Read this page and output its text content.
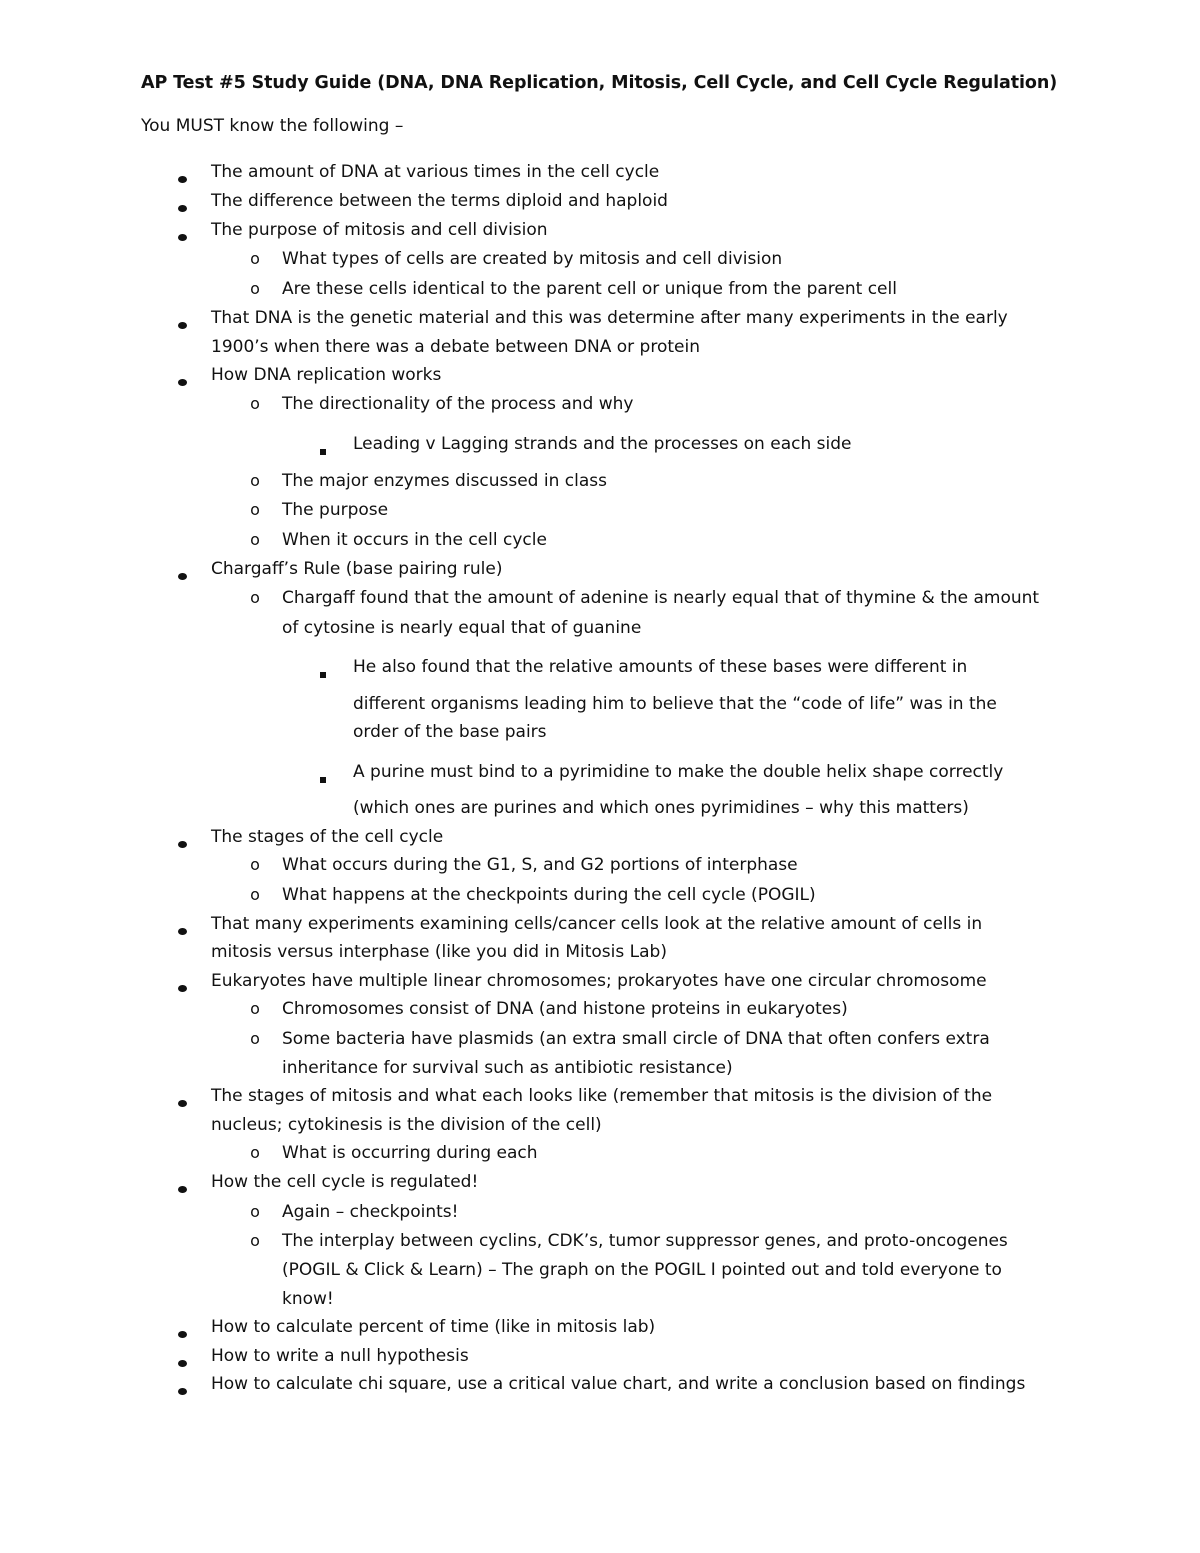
AP Test #5 Study Guide (DNA, DNA Replication, Mitosis, Cell Cycle, and Cell Cycle Regulation)
You MUST know the following –
The amount of DNA at various times in the cell cycle
The difference between the terms diploid and haploid
The purpose of mitosis and cell division
o	What types of cells are created by mitosis and cell division
o	Are these cells identical to the parent cell or unique from the parent cell
That DNA is the genetic material and this was determine after many experiments in the early
1900’s when there was a debate between DNA or protein
How DNA replication works
o	The directionality of the process and why
Leading v Lagging strands and the processes on each side
o	The major enzymes discussed in class
o	The purpose
o	When it occurs in the cell cycle
Chargaff’s Rule (base pairing rule)
o	Chargaff found that the amount of adenine is nearly equal that of thymine & the amount
of cytosine is nearly equal that of guanine
He also found that the relative amounts of these bases were different in
different organisms leading him to believe that the “code of life” was in the
order of the base pairs
A purine must bind to a pyrimidine to make the double helix shape correctly
(which ones are purines and which ones pyrimidines – why this matters)
The stages of the cell cycle
o	What occurs during the G1, S, and G2 portions of interphase
o	What happens at the checkpoints during the cell cycle (POGIL)
That many experiments examining cells/cancer cells look at the relative amount of cells in
mitosis versus interphase (like you did in Mitosis Lab)
Eukaryotes have multiple linear chromosomes; prokaryotes have one circular chromosome
o	Chromosomes consist of DNA (and histone proteins in eukaryotes)
o	Some bacteria have plasmids (an extra small circle of DNA that often confers extra
inheritance for survival such as antibiotic resistance)
The stages of mitosis and what each looks like (remember that mitosis is the division of the
nucleus; cytokinesis is the division of the cell)
o	What is occurring during each
How the cell cycle is regulated!
o	Again – checkpoints!
o	The interplay between cyclins, CDK’s, tumor suppressor genes, and proto-oncogenes
(POGIL & Click & Learn) – The graph on the POGIL I pointed out and told everyone to
know!
How to calculate percent of time (like in mitosis lab)
How to write a null hypothesis
How to calculate chi square, use a critical value chart, and write a conclusion based on findings
